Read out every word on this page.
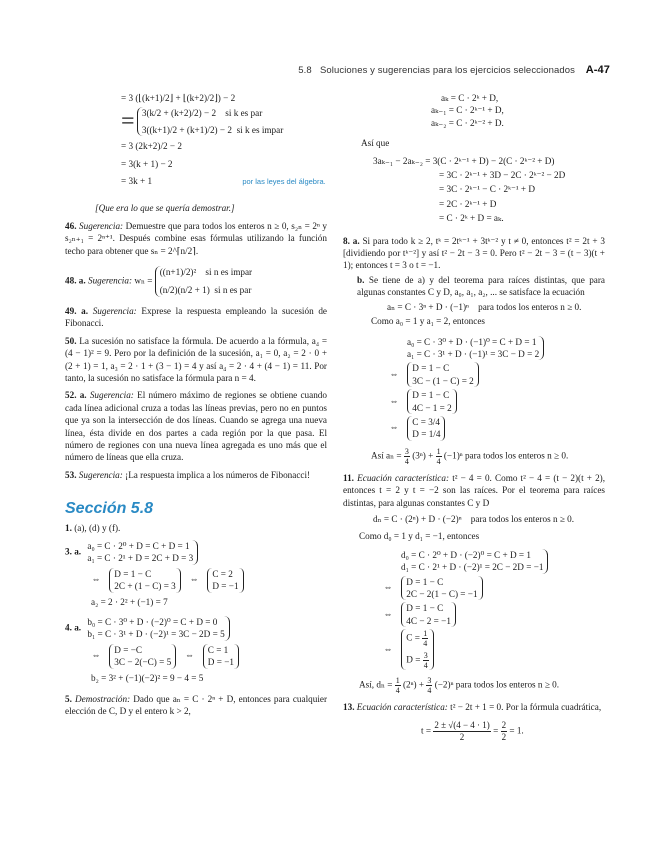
5.8 Soluciones y sugerencias para los ejercicios seleccionados A-47
= 3 (⌊(k+1)/2⌋ + ⌊(k+2)/2⌋) − 2
= 3(k/2 + (k+2)/2) − 2 si k es par
3((k+1)/2 + (k+1)/2) − 2 si k es impar
= 3 (2k+2)/2 − 2
= 3(k + 1) − 2
= 3k + 1	por las leyes del álgebra.
[Que era lo que se quería demostrar.]
46. Sugerencia: Demuestre que para todos los enteros n ≥ 0, s₂ₙ = 2ⁿ y s₂ₙ₊₁ = 2ⁿ⁺¹. Después combine esas fórmulas utilizando la función techo para obtener que sₙ = 2^⌈n/2⌉.
48. a. Sugerencia: wₙ =
((n+1)/2)² si n es impar
(n/2)(n/2 + 1) si n es par
49. a. Sugerencia: Exprese la respuesta empleando la sucesión de Fibonacci.
50. La sucesión no satisface la fórmula. De acuerdo a la fórmula, a₄ = (4 − 1)² = 9. Pero por la definición de la sucesión, a₁ = 0, a₂ = 2 · 0 + (2 + 1) = 1, a₃ = 2 · 1 + (3 − 1) = 4 y así a₄ = 2 · 4 + (4 − 1) = 11. Por tanto, la sucesión no satisface la fórmula para n = 4.
52. a. Sugerencia: El número máximo de regiones se obtiene cuando cada línea adicional cruza a todas las líneas previas, pero no en puntos que ya son la intersección de dos líneas. Cuando se agrega una nueva línea, ésta divide en dos partes a cada región por la que pasa. El número de regiones con una nueva línea agregada es uno más que el número de líneas que ella cruza.
53. Sugerencia: ¡La respuesta implica a los números de Fibonacci!
Sección 5.8
1. (a), (d) y (f).
3. a.
a₀ = C · 2⁰ + D = C + D = 1
a₁ = C · 2¹ + D = 2C + D = 3
⇔
D = 1 − C
2C + (1 − C) = 3
⇔
C = 2
D = −1
a₂ = 2 · 2² + (−1) = 7
4. a.
b₀ = C · 3⁰ + D · (−2)⁰ = C + D = 0
b₁ = C · 3¹ + D · (−2)¹ = 3C − 2D = 5
⇔
D = −C
3C − 2(−C) = 5
⇔
C = 1
D = −1
b₂ = 3² + (−1)(−2)² = 9 − 4 = 5
5. Demostración: Dado que aₙ = C · 2ⁿ + D, entonces para cualquier elección de C, D y el entero k > 2,
aₖ = C · 2ᵏ + D,
aₖ₋₁ = C · 2ᵏ⁻¹ + D,
aₖ₋₂ = C · 2ᵏ⁻² + D.
Así que
3aₖ₋₁ − 2aₖ₋₂ = 3(C · 2ᵏ⁻¹ + D) − 2(C · 2ᵏ⁻² + D)
= 3C · 2ᵏ⁻¹ + 3D − 2C · 2ᵏ⁻² − 2D
= 3C · 2ᵏ⁻¹ − C · 2ᵏ⁻¹ + D
= 2C · 2ᵏ⁻¹ + D
= C · 2ᵏ + D = aₖ.
8. a. Si para todo k ≥ 2, tᵏ = 2tᵏ⁻¹ + 3tᵏ⁻² y t ≠ 0, entonces t² = 2t + 3 [dividiendo por tᵏ⁻²] y así t² − 2t − 3 = 0. Pero t² − 2t − 3 = (t − 3)(t + 1); entonces t = 3 o t = −1.
b. Se tiene de a) y del teorema para raíces distintas, que para algunas constantes C y D, a₀, a₁, a₂, ... se satisface la ecuación
aₙ = C · 3ⁿ + D · (−1)ⁿ para todos los enteros n ≥ 0.
Como a₀ = 1 y a₁ = 2, entonces
a₀ = C · 3⁰ + D · (−1)⁰ = C + D = 1
a₁ = C · 3¹ + D · (−1)¹ = 3C − D = 2
⇔
D = 1 − C
3C − (1 − C) = 2
⇔
D = 1 − C
4C − 1 = 2
⇔
C = 3/4
D = 1/4
Así $a_n = \frac{3}{4} (3^n) + \frac{1}{4} (-1)^n$ para todos los enteros n ≥ 0.
11. Ecuación característica: t² − 4 = 0. Como t² − 4 = (t − 2)(t + 2), entonces t = 2 y t = −2 son las raíces. Por el teorema para raíces distintas, para algunas constantes C y D
dₙ = C · (2ⁿ) + D · (−2)ⁿ para todos los enteros n ≥ 0.
Como d₀ = 1 y d₁ = −1, entonces
d₀ = C · 2⁰ + D · (−2)⁰ = C + D = 1
d₁ = C · 2¹ + D · (−2)¹ = 2C − 2D = −1
⇔
D = 1 − C
2C − 2(1 − C) = −1
⇔
D = 1 − C
4C − 2 = −1
⇔
$C = \frac{1}{4}$
$D = \frac{3}{4}$
Así, $d_n = \frac{1}{4} (2^n) + \frac{3}{4} (-2)^n$ para todos los enteros n ≥ 0.
13. Ecuación característica: t² − 2t + 1 = 0. Por la fórmula cuadrática,
$t = \frac{2 \pm √(4 - 4 \cdot 1)}{2} = \frac{2}{2} = 1$.
